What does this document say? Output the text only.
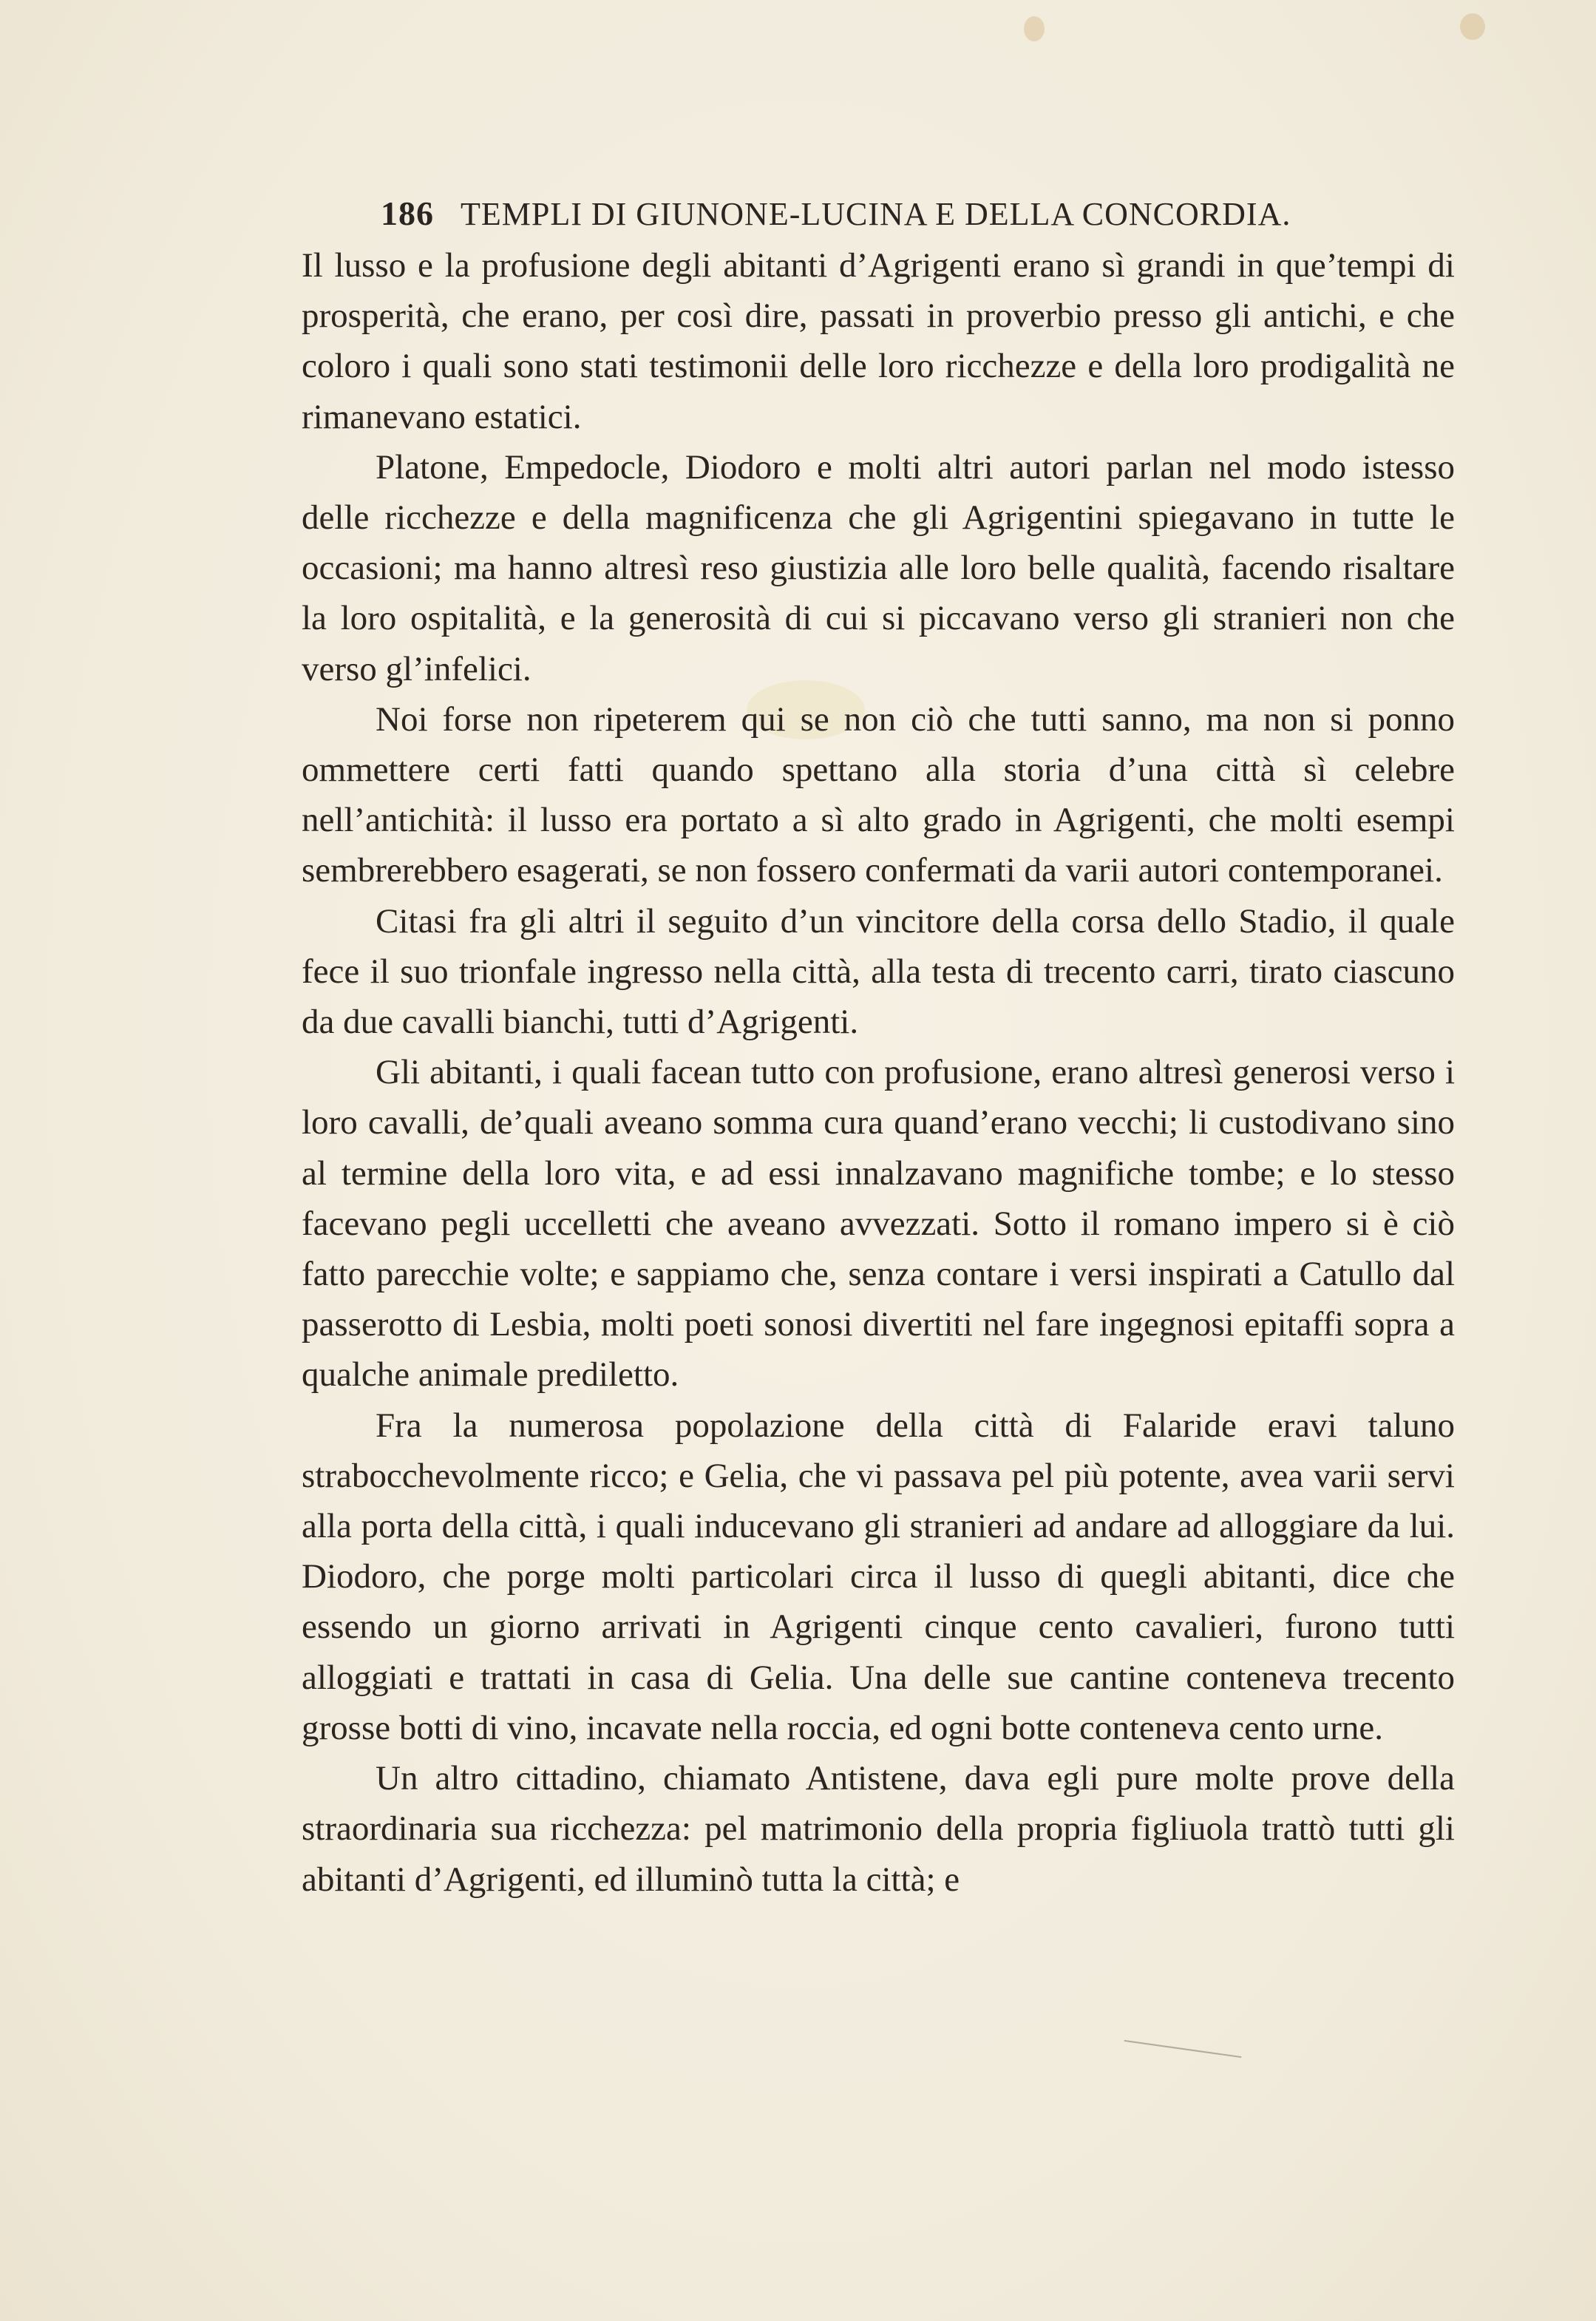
186 TEMPLI DI GIUNONE-LUCINA E DELLA CONCORDIA.

Il lusso e la profusione degli abitanti d’Agrigenti erano sì grandi in que’tempi di prosperità, che erano, per così dire, passati in proverbio presso gli antichi, e che coloro i quali sono stati testimonii delle loro ricchezze e della loro prodigalità ne rimanevano estatici.

Platone, Empedocle, Diodoro e molti altri autori parlan nel modo istesso delle ricchezze e della magnificenza che gli Agrigentini spiegavano in tutte le occasioni; ma hanno altresì reso giustizia alle loro belle qualità, facendo risaltare la loro ospitalità, e la generosità di cui si piccavano verso gli stranieri non che verso gl’infelici.

Noi forse non ripeterem qui se non ciò che tutti sanno, ma non si ponno ommettere certi fatti quando spettano alla storia d’una città sì celebre nell’antichità: il lusso era portato a sì alto grado in Agrigenti, che molti esempi sembrerebbero esagerati, se non fossero confermati da varii autori contemporanei.

Citasi fra gli altri il seguito d’un vincitore della corsa dello Stadio, il quale fece il suo trionfale ingresso nella città, alla testa di trecento carri, tirato ciascuno da due cavalli bianchi, tutti d’Agrigenti.

Gli abitanti, i quali facean tutto con profusione, erano altresì generosi verso i loro cavalli, de’quali aveano somma cura quand’erano vecchi; li custodivano sino al termine della loro vita, e ad essi innalzavano magnifiche tombe; e lo stesso facevano pegli uccelletti che aveano avvezzati. Sotto il romano impero si è ciò fatto parecchie volte; e sappiamo che, senza contare i versi inspirati a Catullo dal passerotto di Lesbia, molti poeti sonosi divertiti nel fare ingegnosi epitaffi sopra a qualche animale prediletto.

Fra la numerosa popolazione della città di Falaride eravi taluno strabocchevolmente ricco; e Gelia, che vi passava pel più potente, avea varii servi alla porta della città, i quali inducevano gli stranieri ad andare ad alloggiare da lui. Diodoro, che porge molti particolari circa il lusso di quegli abitanti, dice che essendo un giorno arrivati in Agrigenti cinque cento cavalieri, furono tutti alloggiati e trattati in casa di Gelia. Una delle sue cantine conteneva trecento grosse botti di vino, incavate nella roccia, ed ogni botte conteneva cento urne.

Un altro cittadino, chiamato Antistene, dava egli pure molte prove della straordinaria sua ricchezza: pel matrimonio della propria figliuola trattò tutti gli abitanti d’Agrigenti, ed illuminò tutta la città; e
